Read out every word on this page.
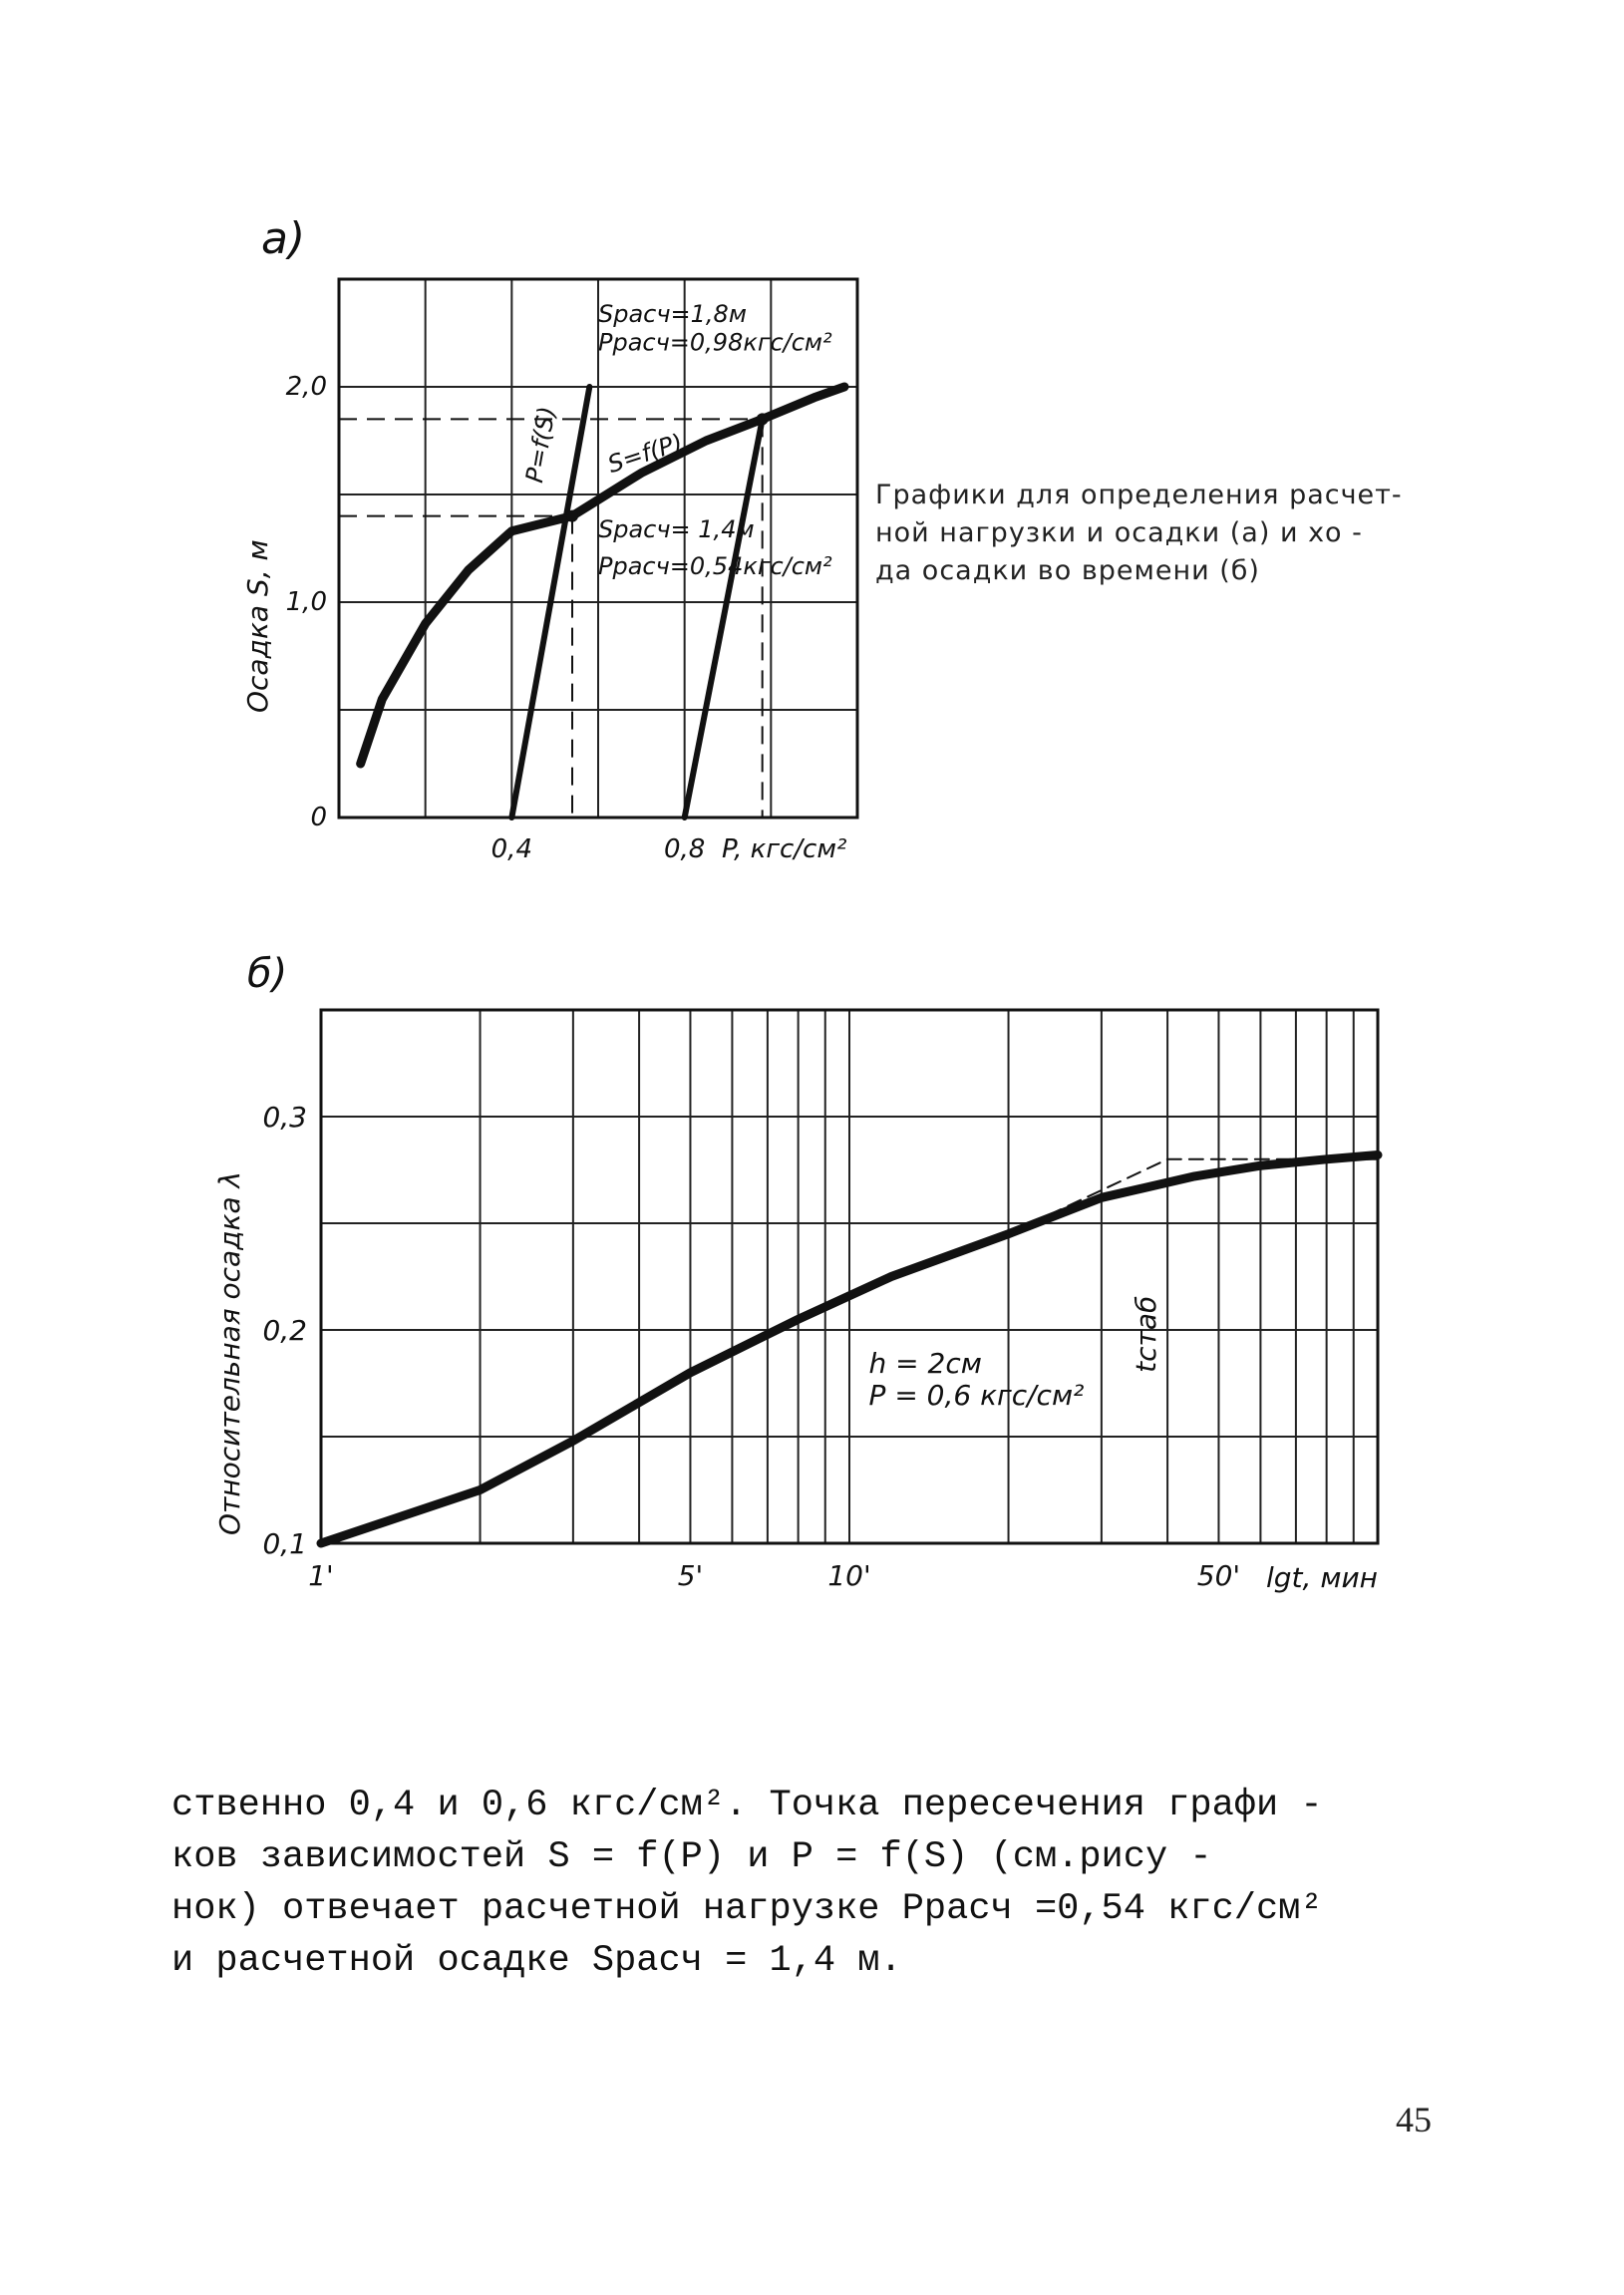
0,4	0,8
0
1,0
2,0
Sрасч=1,8м
Ррасч=0,98кгс/см²
S=f(P)
P=f(S)
Sрасч= 1,4м
Ррасч=0,54кгс/см²
а)
P, кгс/см²
Осадка S, м
1'	5'	10'	50'
0,1
0,2
0,3
h = 2см
P = 0,6 кгс/см²
tстаб
б)
lgt, мин
Относительная осадка λ
Графики для определения расчет-
ной нагрузки и осадки (а) и хо -
да осадки во времени (б)
ственно 0,4 и 0,6 кгс/см². Точка пересечения графи -
ков зависимостей S = f(P) и P = f(S) (см.рису -
нок) отвечает расчетной нагрузке Pрасч =0,54 кгс/см²
и расчетной осадке Sрасч = 1,4 м.
45
